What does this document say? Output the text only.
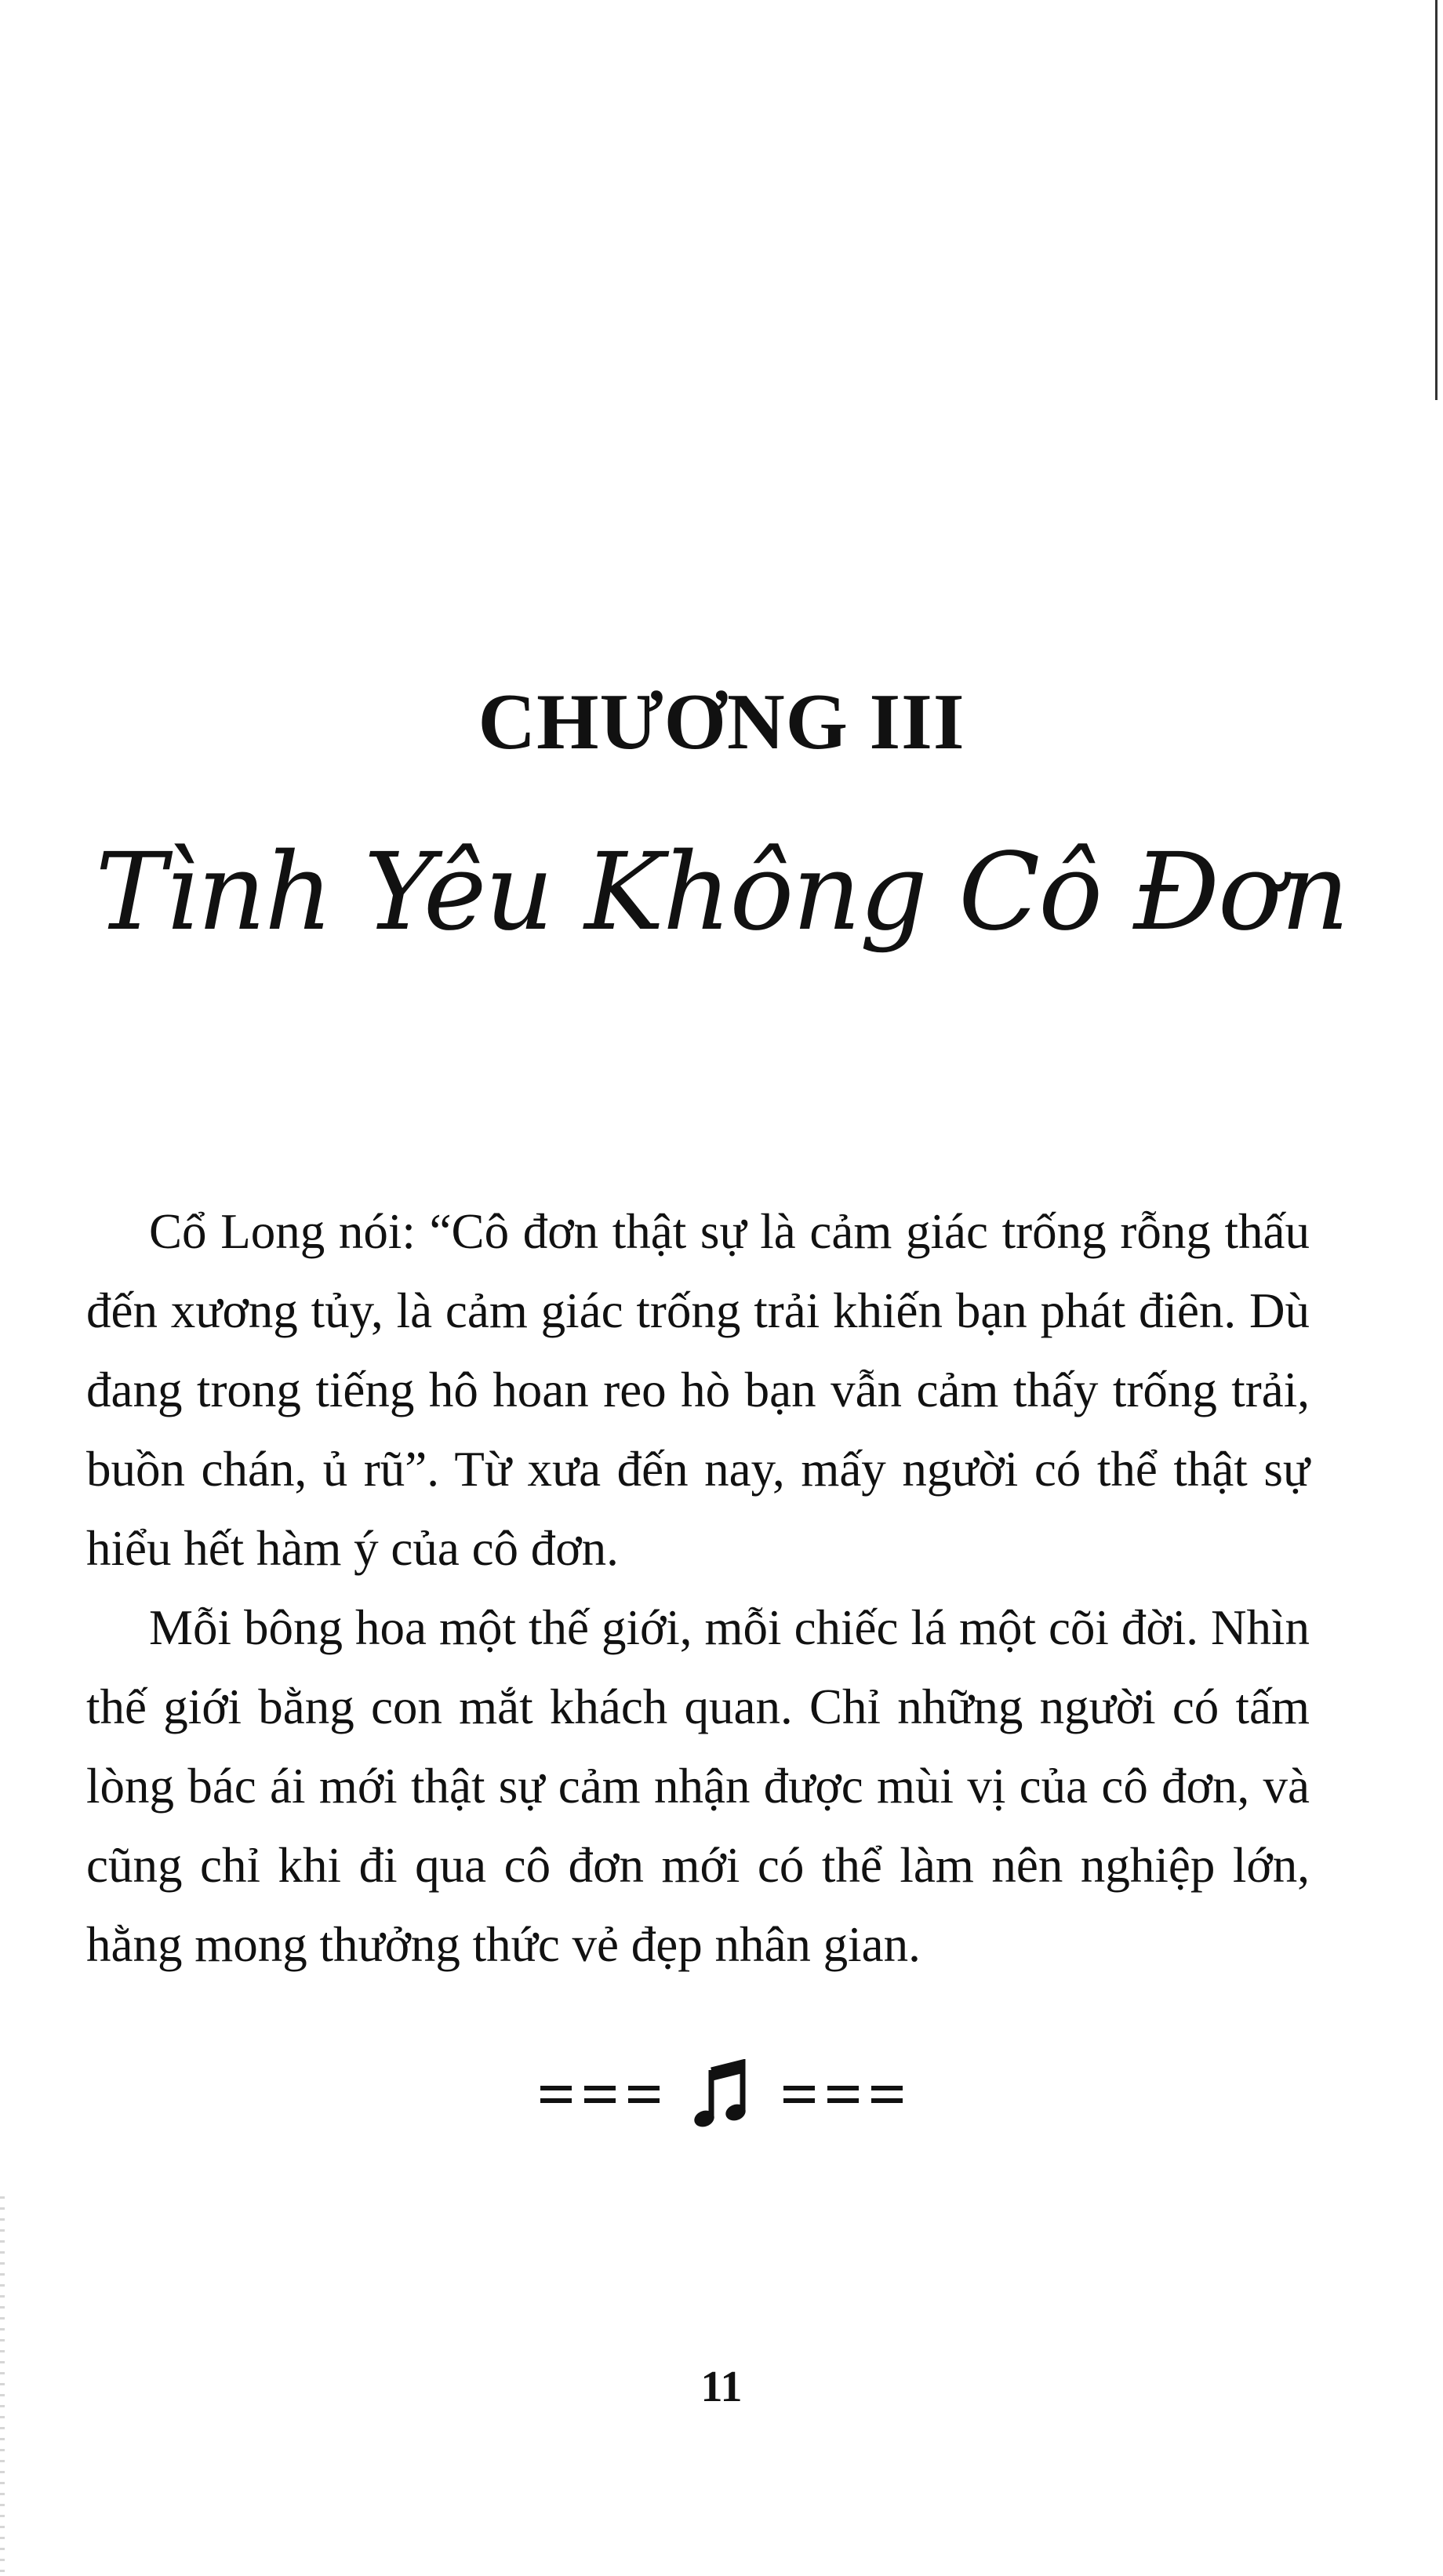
CHƯƠNG III
Tình Yêu Không Cô Đơn

Cổ Long nói: “Cô đơn thật sự là cảm giác trống rỗng thấu đến xương tủy, là cảm giác trống trải khiến bạn phát điên. Dù đang trong tiếng hô hoan reo hò bạn vẫn cảm thấy trống trải, buồn chán, ủ rũ”. Từ xưa đến nay, mấy người có thể thật sự hiểu hết hàm ý của cô đơn.

Mỗi bông hoa một thế giới, mỗi chiếc lá một cõi đời. Nhìn thế giới bằng con mắt khách quan. Chỉ những người có tấm lòng bác ái mới thật sự cảm nhận được mùi vị của cô đơn, và cũng chỉ khi đi qua cô đơn mới có thể làm nên nghiệp lớn, hằng mong thưởng thức vẻ đẹp nhân gian.

11
